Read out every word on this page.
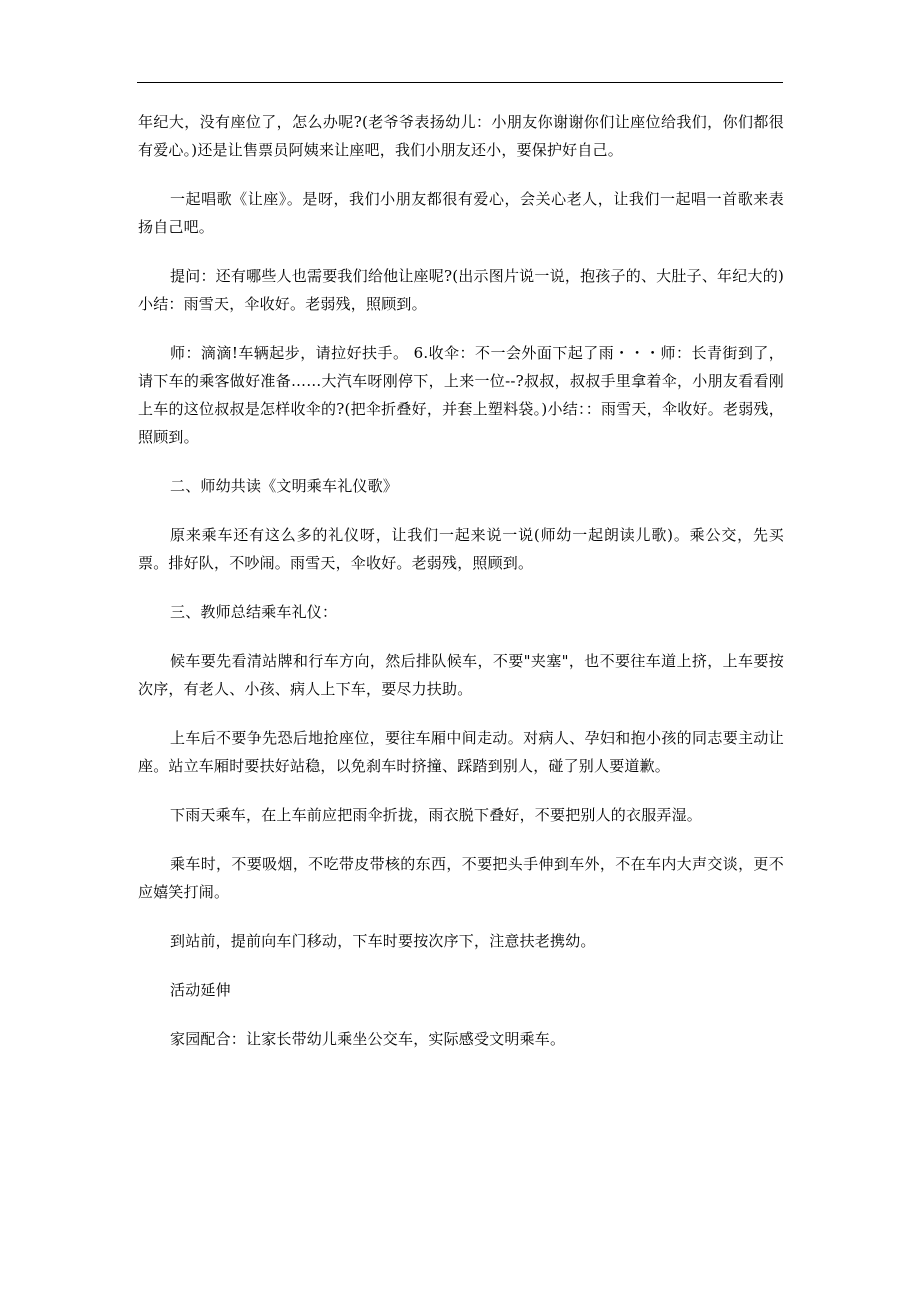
年纪大，没有座位了，怎么办呢?(老爷爷表扬幼儿：小朋友你谢谢你们让座位给我们，你们都很有爱心。)还是让售票员阿姨来让座吧，我们小朋友还小，要保护好自己。

一起唱歌《让座》。是呀，我们小朋友都很有爱心，会关心老人，让我们一起唱一首歌来表扬自己吧。

提问：还有哪些人也需要我们给他让座呢?(出示图片说一说，抱孩子的、大肚子、年纪大的)小结：雨雪天，伞收好。老弱残，照顾到。

师：滴滴!车辆起步，请拉好扶手。 6.收伞：不一会外面下起了雨・・・师：长青街到了，请下车的乘客做好准备……大汽车呀刚停下，上来一位--?叔叔，叔叔手里拿着伞，小朋友看看刚上车的这位叔叔是怎样收伞的?(把伞折叠好，并套上塑料袋。)小结：：雨雪天，伞收好。老弱残，照顾到。

二、师幼共读《文明乘车礼仪歌》

原来乘车还有这么多的礼仪呀，让我们一起来说一说(师幼一起朗读儿歌)。乘公交，先买票。排好队，不吵闹。雨雪天，伞收好。老弱残，照顾到。

三、教师总结乘车礼仪：

候车要先看清站牌和行车方向，然后排队候车，不要"夹塞"，也不要往车道上挤，上车要按次序，有老人、小孩、病人上下车，要尽力扶助。

上车后不要争先恐后地抢座位，要往车厢中间走动。对病人、孕妇和抱小孩的同志要主动让座。站立车厢时要扶好站稳，以免刹车时挤撞、踩踏到别人，碰了别人要道歉。

下雨天乘车，在上车前应把雨伞折拢，雨衣脱下叠好，不要把别人的衣服弄湿。

乘车时，不要吸烟，不吃带皮带核的东西，不要把头手伸到车外，不在车内大声交谈，更不应嬉笑打闹。

到站前，提前向车门移动，下车时要按次序下，注意扶老携幼。

活动延伸

家园配合：让家长带幼儿乘坐公交车，实际感受文明乘车。
